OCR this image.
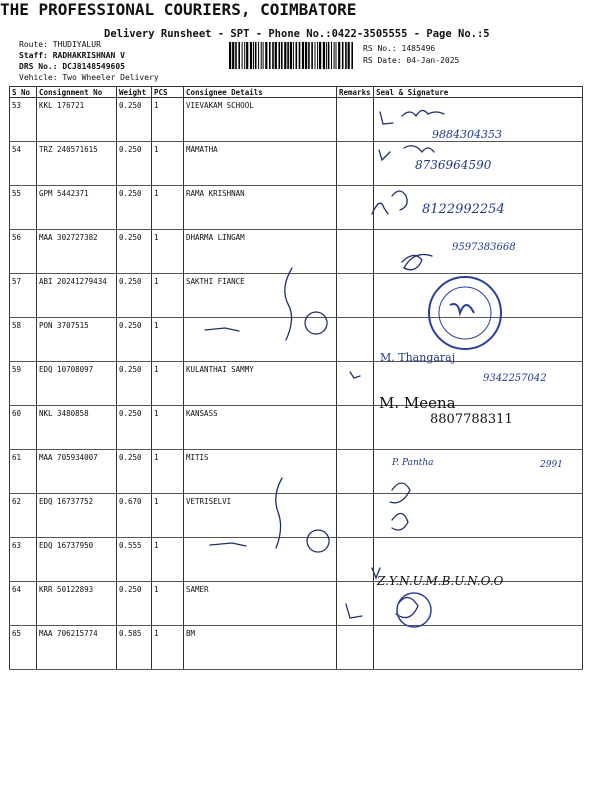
THE PROFESSIONAL COURIERS, COIMBATORE
Delivery Runsheet - SPT - Phone No.:0422-3505555 - Page No.:5
Route: THUDIYALUR
Staff: RADHAKRISHNAN V
DRS No.: DCJ8148549605
Vehicle: Two Wheeler Delivery
RS No.: 1485496
RS Date: 04-Jan-2025
S No	Consignment No	Weight	PCS	Consignee Details	Remarks	Seal & Signature
53	KKL 176721	0.250	1	VIEVAKAM SCHOOL		
54	TRZ 240571615	0.250	1	MAMATHA		
55	GPM 5442371	0.250	1	RAMA KRISHNAN		
56	MAA 302727382	0.250	1	DHARMA LINGAM		
57	ABI 20241279434	0.250	1	SAKTHI FIANCE		
58	PON 3707515	0.250	1			
59	EDQ 10708097	0.250	1	KULANTHAI SAMMY		
60	NKL 3480858	0.250	1	KANSASS		
61	MAA 705934007	0.250	1	MITIS		
62	EDQ 16737752	0.670	1	VETRISELVI		
63	EDQ 16737950	0.555	1			
64	KRR 50122893	0.250	1	SAMER		
65	MAA 706215774	0.585	1	BM		
9884304353
8736964590
8122992254
9597383668
M. Thangaraj
9342257042
M. Meena
8807788311
P. Pantha	2991
Z.Y.N.U.M.B.U.N.O.O
